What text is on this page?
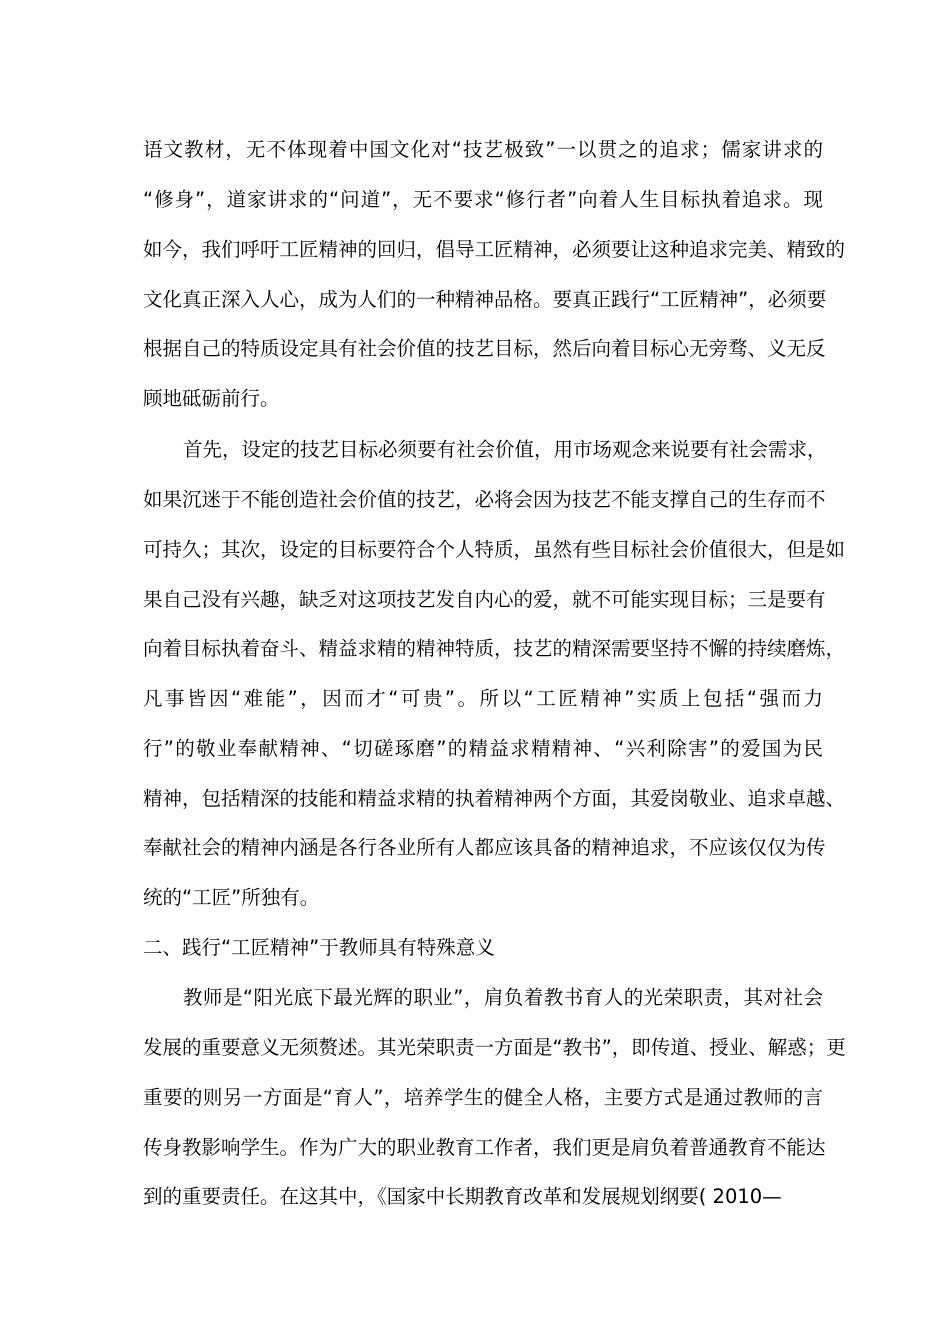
语文教材，无不体现着中国文化对“技艺极致”一以贯之的追求；儒家讲求的
“修身”，道家讲求的“问道”，无不要求“修行者”向着人生目标执着追求。现
如今，我们呼吁工匠精神的回归，倡导工匠精神，必须要让这种追求完美、精致的
文化真正深入人心，成为人们的一种精神品格。要真正践行“工匠精神”，必须要
根据自己的特质设定具有社会价值的技艺目标，然后向着目标心无旁骛、义无反
顾地砥砺前行。
首先，设定的技艺目标必须要有社会价值，用市场观念来说要有社会需求，
如果沉迷于不能创造社会价值的技艺，必将会因为技艺不能支撑自己的生存而不
可持久；其次，设定的目标要符合个人特质，虽然有些目标社会价值很大，但是如
果自己没有兴趣，缺乏对这项技艺发自内心的爱，就不可能实现目标；三是要有
向着目标执着奋斗、精益求精的精神特质，技艺的精深需要坚持不懈的持续磨炼，
凡事皆因“难能”，因而才“可贵”。所以“工匠精神”实质上包括“强而力
行”的敬业奉献精神、“切磋琢磨”的精益求精精神、“兴利除害”的爱国为民
精神，包括精深的技能和精益求精的执着精神两个方面，其爱岗敬业、追求卓越、
奉献社会的精神内涵是各行各业所有人都应该具备的精神追求，不应该仅仅为传
统的“工匠”所独有。
二、践行“工匠精神”于教师具有特殊意义
教师是“阳光底下最光辉的职业”，肩负着教书育人的光荣职责，其对社会
发展的重要意义无须赘述。其光荣职责一方面是“教书”，即传道、授业、解惑；更
重要的则另一方面是“育人”，培养学生的健全人格，主要方式是通过教师的言
传身教影响学生。作为广大的职业教育工作者，我们更是肩负着普通教育不能达
到的重要责任。在这其中，《国家中长期教育改革和发展规划纲要( 2010—
